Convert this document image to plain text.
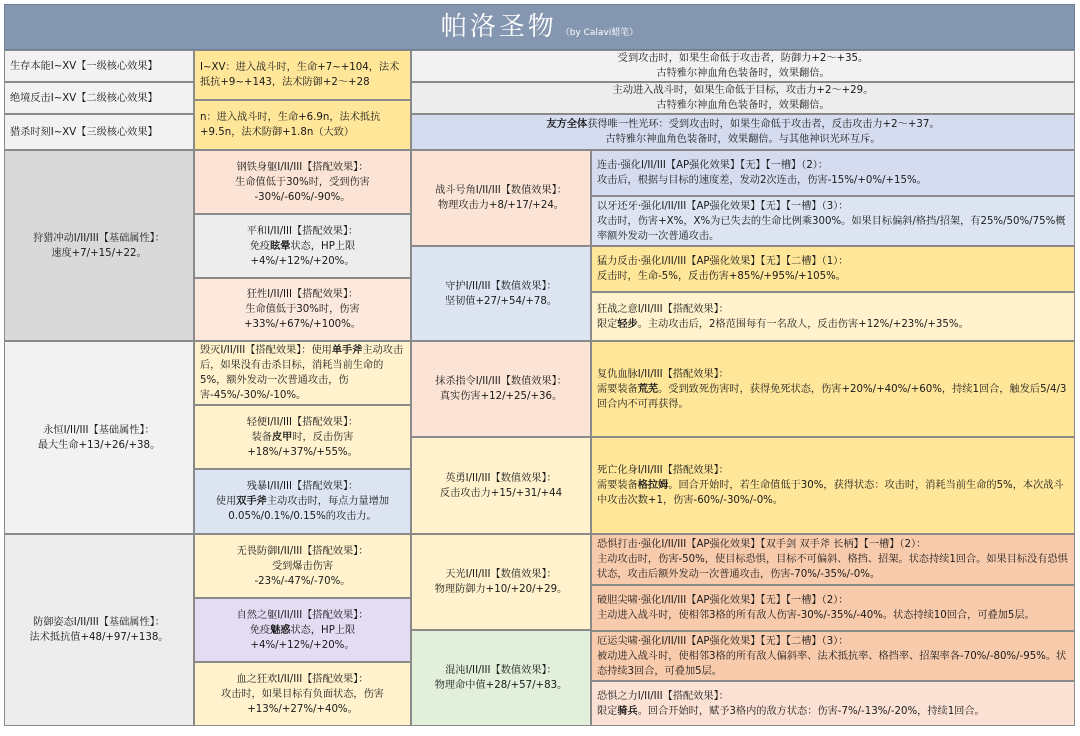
帕洛圣物 （by Calavi蜡笔）
生存本能I~XV【一级核心效果】
绝境反击I~XV【二级核心效果】
猎杀时刻I~XV【三级核心效果】
I~XV：进入战斗时，生命+7~+104，法术抵抗+9~+143，法术防御+2～+28
n：进入战斗时，生命+6.9n，法术抵抗+9.5n，法术防御+1.8n（大致）
受到攻击时，如果生命低于攻击者，防御力+2～+35。
古特雅尔神血角色装备时，效果翻倍。
主动进入战斗时，如果生命低于目标，攻击力+2～+29。
古特雅尔神血角色装备时，效果翻倍。
友方全体获得唯一性光环：受到攻击时，如果生命低于攻击者，反击攻击力+2～+37。
古特雅尔神血角色装备时，效果翻倍。与其他神识光环互斥。
狩猎冲动I/II/III【基础属性】：
速度+7/+15/+22。
钢铁身躯I/II/III【搭配效果】：
生命值低于30%时，受到伤害
-30%/-60%/-90%。
平和I/II/III【搭配效果】：
免疫眩晕状态，HP上限
+4%/+12%/+20%。
狂性I/II/III【搭配效果】：
生命值低于30%时，伤害
+33%/+67%/+100%。
战斗号角I/II/III【数值效果】：
物理攻击力+8/+17/+24。
守护I/II/III【数值效果】：
坚韧值+27/+54/+78。
连击·强化I/II/III【AP强化效果】【无】【一槽】（2）：
攻击后，根据与目标的速度差，发动2次连击，伤害-15%/+0%/+15%。
以牙还牙·强化I/II/III【AP强化效果】【无】【一槽】（3）：
攻击时，伤害+X%，X%为已失去的生命比例乘300%。如果目标偏斜/格挡/招架，有25%/50%/75%概率额外发动一次普通攻击。
猛力反击·强化I/II/III【AP强化效果】【无】【二槽】（1）：
反击时，生命-5%，反击伤害+85%/+95%/+105%。
狂战之意I/II/III【搭配效果】：
限定轻步。主动攻击后，2格范围每有一名敌人，反击伤害+12%/+23%/+35%。
永恒I/II/III【基础属性】：
最大生命+13/+26/+38。
毁灭I/II/III【搭配效果】：使用单手斧主动攻击后，如果没有击杀目标，消耗当前生命的5%，额外发动一次普通攻击，伤害-45%/-30%/-10%。
轻便I/II/III【搭配效果】：
装备皮甲时，反击伤害
+18%/+37%/+55%。
残暴I/II/III【搭配效果】：
使用双手斧主动攻击时，每点力量增加0.05%/0.1%/0.15%的攻击力。
抹杀指令I/II/III【数值效果】：
真实伤害+12/+25/+36。
英勇I/II/III【数值效果】：
反击攻击力+15/+31/+44
复仇血脉I/II/III【搭配效果】：
需要装备荒芜。受到致死伤害时，获得免死状态，伤害+20%/+40%/+60%，持续1回合，触发后5/4/3回合内不可再获得。
死亡化身I/II/III【搭配效果】：
需要装备格拉姆。回合开始时，若生命值低于30%，获得状态：攻击时，消耗当前生命的5%，本次战斗中攻击次数+1，伤害-60%/-30%/-0%。
防御姿态I/II/III【基础属性】：
法术抵抗值+48/+97/+138。
无畏防御I/II/III【搭配效果】：
受到爆击伤害
-23%/-47%/-70%。
自然之躯I/II/III【搭配效果】：
免疫魅惑状态，HP上限
+4%/+12%/+20%。
血之狂欢I/II/III【搭配效果】：
攻击时，如果目标有负面状态，伤害+13%/+27%/+40%。
天光I/II/III【数值效果】：
物理防御力+10/+20/+29。
混沌I/II/III【数值效果】：
物理命中值+28/+57/+83。
恐惧打击·强化I/II/III【AP强化效果】【双手剑 双手斧 长柄】【一槽】（2）：
主动攻击时，伤害-50%，使目标恐惧，目标不可偏斜、格挡、招架。状态持续1回合。如果目标没有恐惧状态，攻击后额外发动一次普通攻击，伤害-70%/-35%/-0%。
破胆尖啸·强化I/II/III【AP强化效果】【无】【一槽】（2）：
主动进入战斗时，使相邻3格的所有敌人伤害-30%/-35%/-40%。状态持续10回合，可叠加5层。
厄运尖啸·强化I/II/III【AP强化效果】【无】【二槽】（3）：
被动进入战斗时，使相邻3格的所有敌人偏斜率、法术抵抗率、格挡率、招架率各-70%/-80%/-95%。状态持续3回合，可叠加5层。
恐惧之力I/II/III【搭配效果】：
限定骑兵。回合开始时，赋予3格内的敌方状态：伤害-7%/-13%/-20%，持续1回合。
